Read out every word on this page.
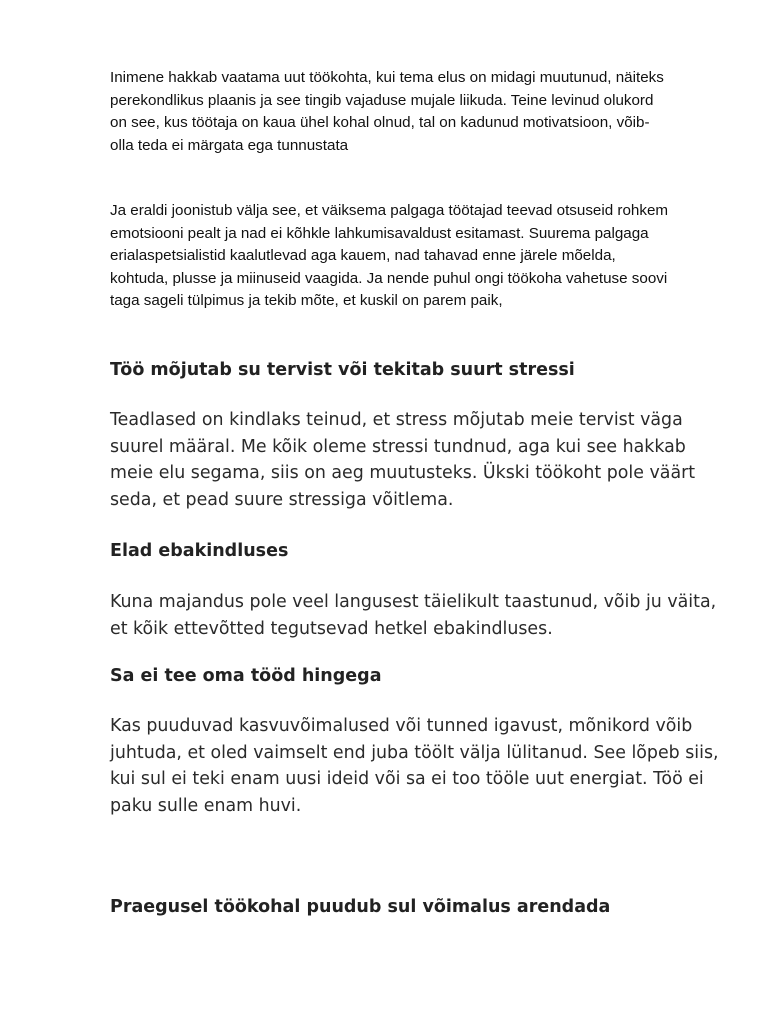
Inimene hakkab vaatama uut töökohta, kui tema elus on midagi muutunud, näiteks perekondlikus plaanis ja see tingib vajaduse mujale liikuda. Teine levinud olukord on see, kus töötaja on kaua ühel kohal olnud, tal on kadunud motivatsioon, võib-olla teda ei märgata ega tunnustata

Ja eraldi joonistub välja see, et väiksema palgaga töötajad teevad otsuseid rohkem emotsiooni pealt ja nad ei kõhkle lahkumisavaldust esitamast. Suurema palgaga erialaspetsialistid kaalutlevad aga kauem, nad tahavad enne järele mõelda, kohtuda, plusse ja miinuseid vaagida. Ja nende puhul ongi töökoha vahetuse soovi taga sageli tülpimus ja tekib mõte, et kuskil on parem paik,

Töö mõjutab su tervist või tekitab suurt stressi

Teadlased on kindlaks teinud, et stress mõjutab meie tervist väga suurel määral. Me kõik oleme stressi tundnud, aga kui see hakkab meie elu segama, siis on aeg muutusteks. Ükski töökoht pole väärt seda, et pead suure stressiga võitlema.

Elad ebakindluses

Kuna majandus pole veel langusest täielikult taastunud, võib ju väita, et kõik ettevõtted tegutsevad hetkel ebakindluses.

Sa ei tee oma tööd hingega

Kas puuduvad kasvuvõimalused või tunned igavust, mõnikord võib juhtuda, et oled vaimselt end juba töölt välja lülitanud. See lõpeb siis, kui sul ei teki enam uusi ideid või sa ei too tööle uut energiat. Töö ei paku sulle enam huvi.

Praegusel töökohal puudub sul võimalus arendada
